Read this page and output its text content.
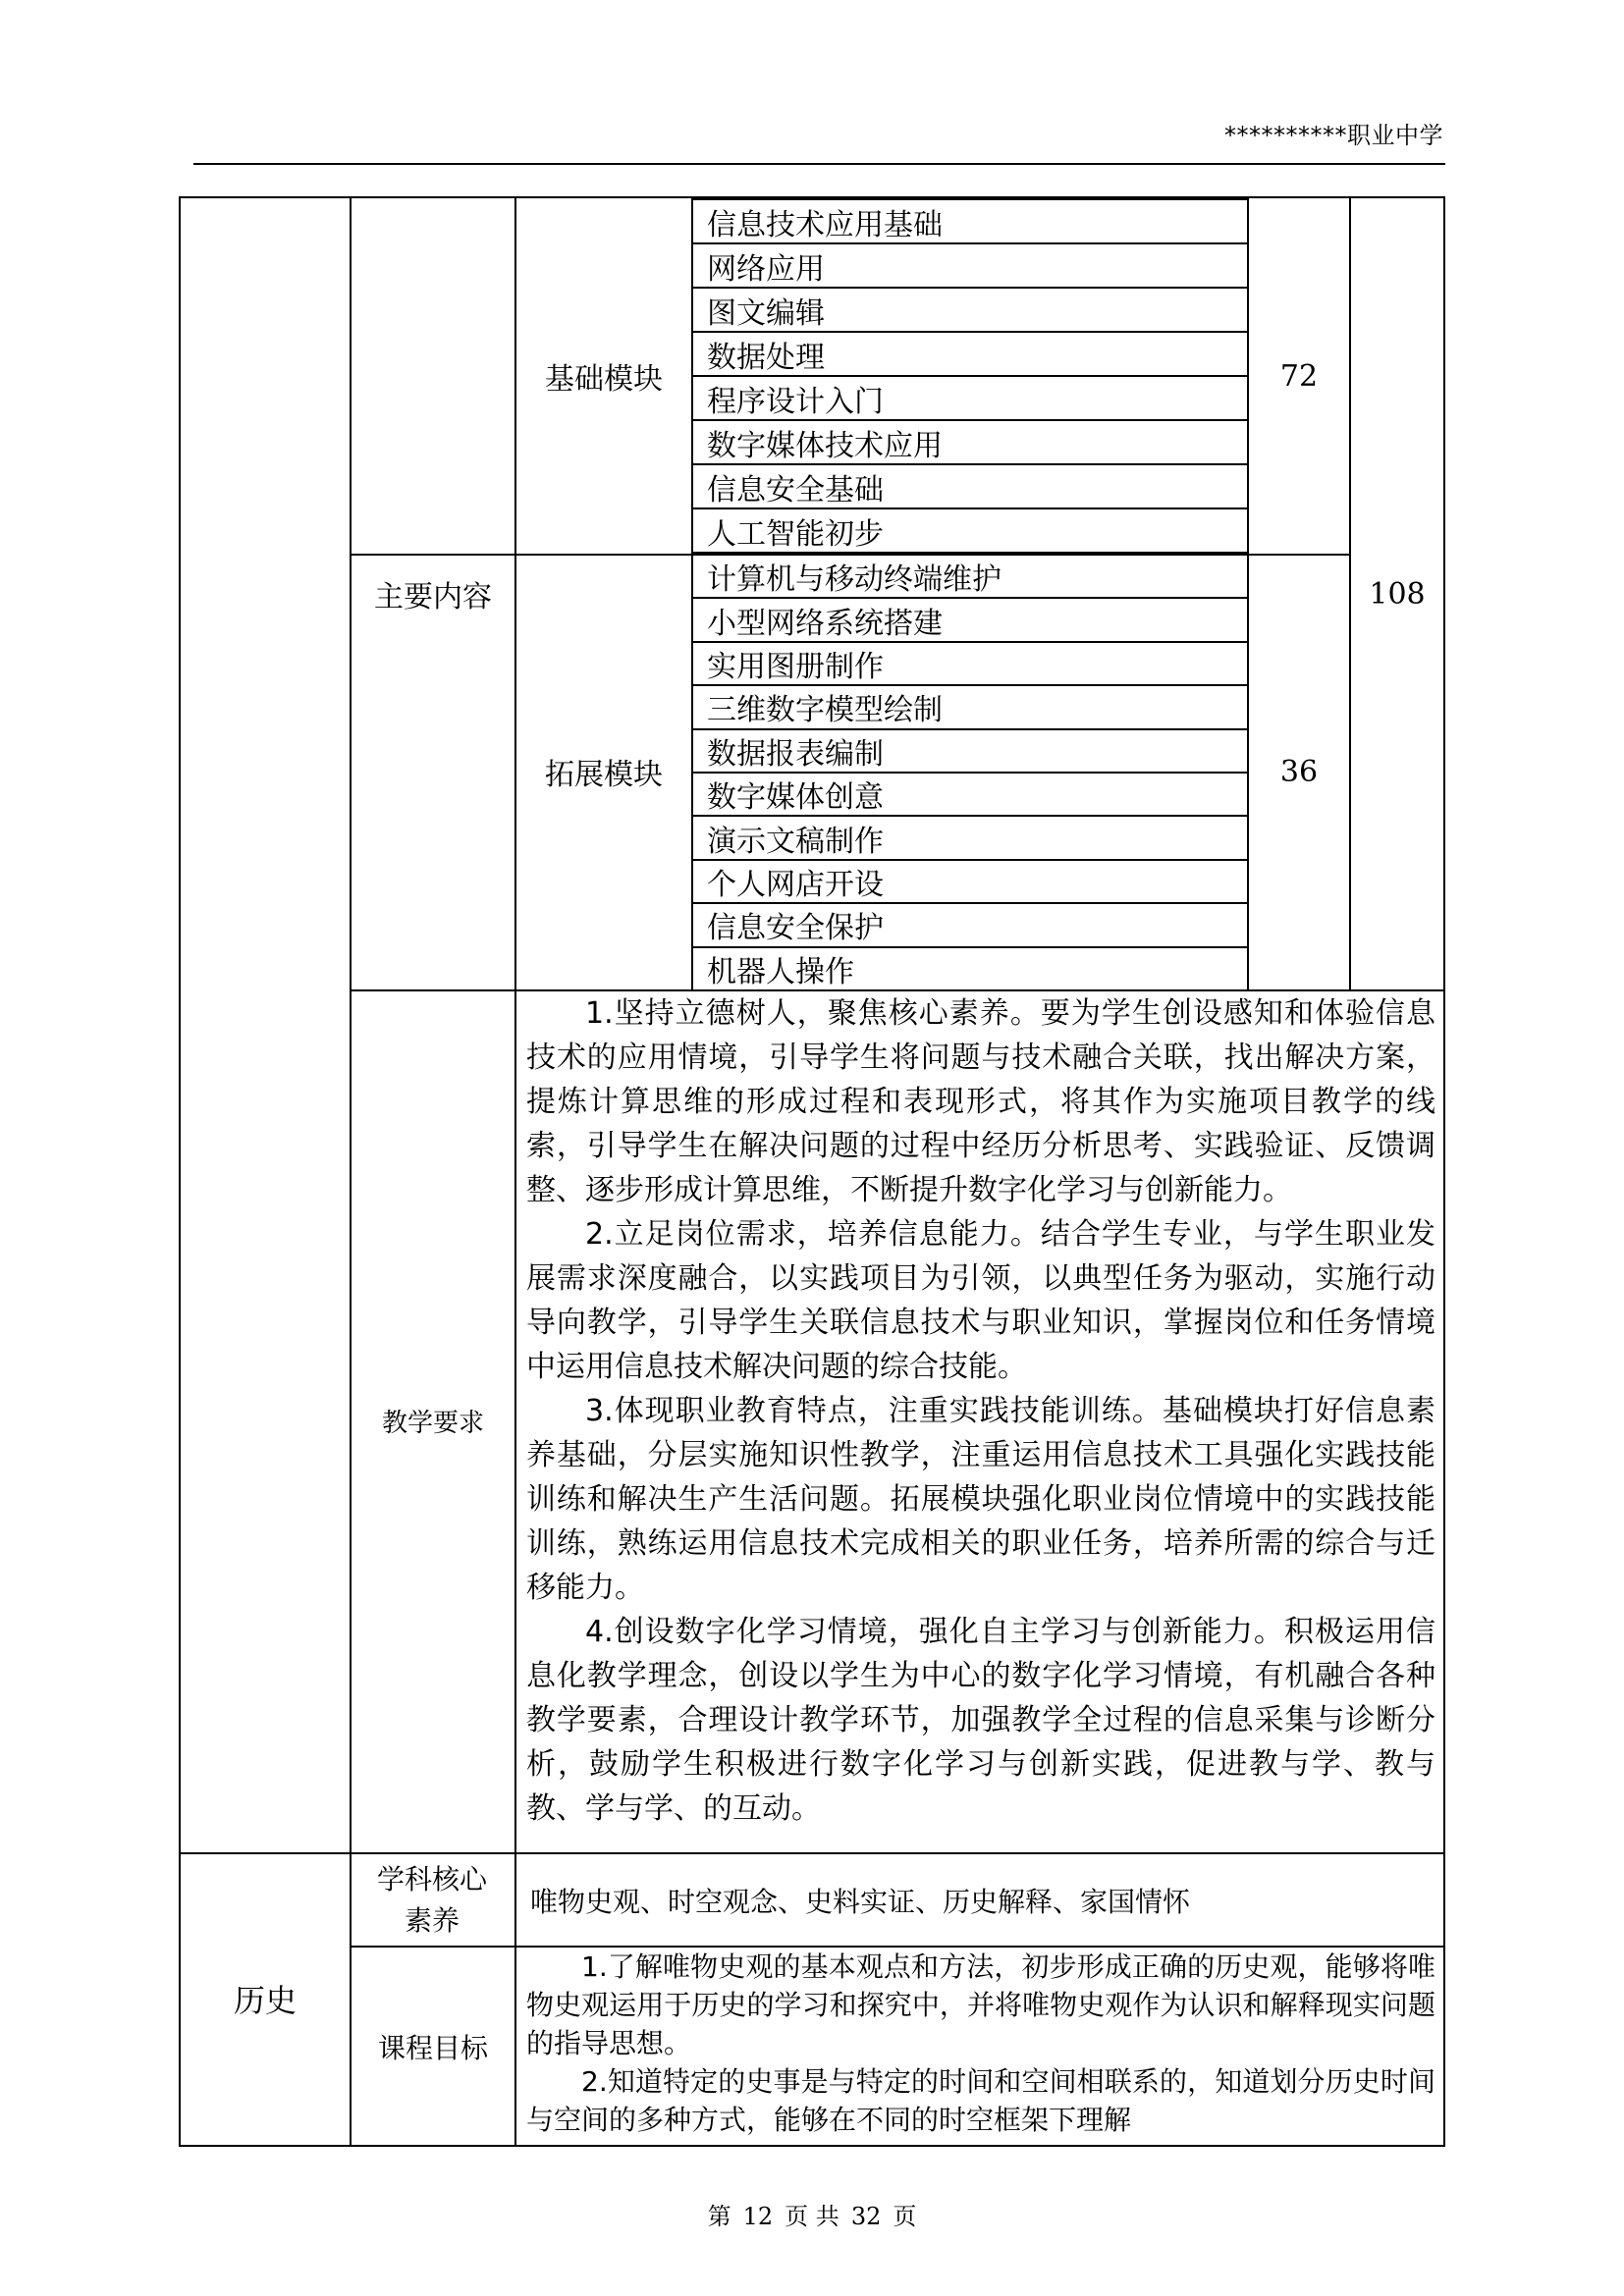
**********职业中学
主要内容
基础模块
拓展模块
72
36
108
信息技术应用基础
网络应用
图文编辑
数据处理
程序设计入门
数字媒体技术应用
信息安全基础
人工智能初步
计算机与移动终端维护
小型网络系统搭建
实用图册制作
三维数字模型绘制
数据报表编制
数字媒体创意
演示文稿制作
个人网店开设
信息安全保护
机器人操作
教学要求

1.坚持立德树人，聚焦核心素养。要为学生创设感知和体验信息技术的应用情境，引导学生将问题与技术融合关联，找出解决方案，提炼计算思维的形成过程和表现形式，将其作为实施项目教学的线索，引导学生在解决问题的过程中经历分析思考、实践验证、反馈调整、逐步形成计算思维，不断提升数字化学习与创新能力。

2.立足岗位需求，培养信息能力。结合学生专业，与学生职业发展需求深度融合，以实践项目为引领，以典型任务为驱动，实施行动导向教学，引导学生关联信息技术与职业知识，掌握岗位和任务情境中运用信息技术解决问题的综合技能。

3.体现职业教育特点，注重实践技能训练。基础模块打好信息素养基础，分层实施知识性教学，注重运用信息技术工具强化实践技能训练和解决生产生活问题。拓展模块强化职业岗位情境中的实践技能训练，熟练运用信息技术完成相关的职业任务，培养所需的综合与迁移能力。

4.创设数字化学习情境，强化自主学习与创新能力。积极运用信息化教学理念，创设以学生为中心的数字化学习情境，有机融合各种教学要素，合理设计教学环节，加强教学全过程的信息采集与诊断分析，鼓励学生积极进行数字化学习与创新实践，促进教与学、教与教、学与学、的互动。

历史
学科核心素养
唯物史观、时空观念、史料实证、历史解释、家国情怀
课程目标

1.了解唯物史观的基本观点和方法，初步形成正确的历史观，能够将唯物史观运用于历史的学习和探究中，并将唯物史观作为认识和解释现实问题的指导思想。

2.知道特定的史事是与特定的时间和空间相联系的，知道划分历史时间与空间的多种方式，能够在不同的时空框架下理解

第 12 页 共 32 页
